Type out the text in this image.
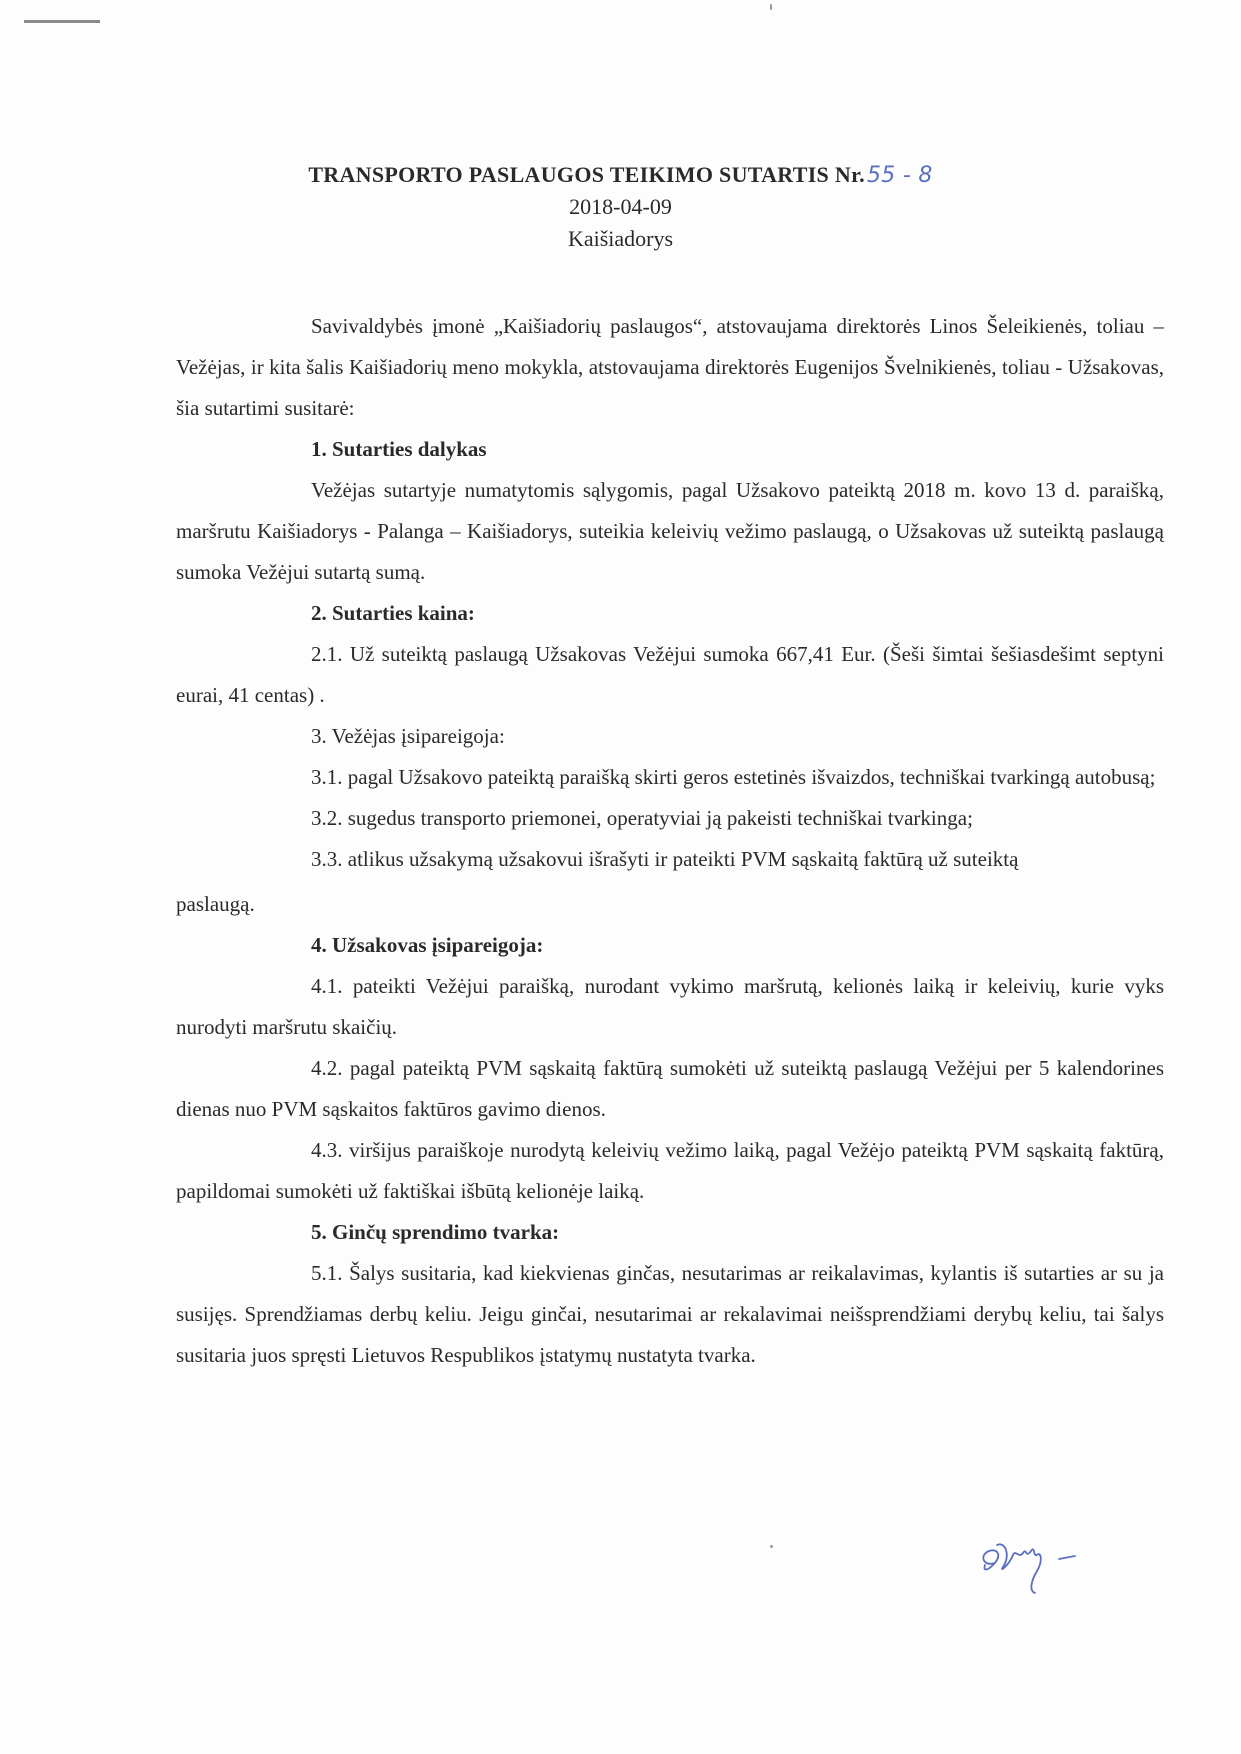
TRANSPORTO PASLAUGOS TEIKIMO SUTARTIS Nr.55 - 8
2018-04-09
Kaišiadorys

Savivaldybės įmonė „Kaišiadorių paslaugos“, atstovaujama direktorės Linos Šeleikienės, toliau – Vežėjas, ir kita šalis Kaišiadorių meno mokykla, atstovaujama direktorės Eugenijos Švelnikienės, toliau - Užsakovas, šia sutartimi susitarė:

1. Sutarties dalykas

Vežėjas sutartyje numatytomis sąlygomis, pagal Užsakovo pateiktą 2018 m. kovo 13 d. paraišką, maršrutu Kaišiadorys - Palanga – Kaišiadorys, suteikia keleivių vežimo paslaugą, o Užsakovas už suteiktą paslaugą sumoka Vežėjui sutartą sumą.

2. Sutarties kaina:

2.1. Už suteiktą paslaugą Užsakovas Vežėjui sumoka 667,41 Eur. (Šeši šimtai šešiasdešimt septyni eurai, 41 centas) .

3. Vežėjas įsipareigoja:

3.1. pagal Užsakovo pateiktą paraišką skirti geros estetinės išvaizdos, techniškai tvarkingą autobusą;

3.2. sugedus transporto priemonei, operatyviai ją pakeisti techniškai tvarkinga;

3.3. atlikus užsakymą užsakovui išrašyti ir pateikti PVM sąskaitą faktūrą už suteiktą

paslaugą.

4. Užsakovas įsipareigoja:

4.1. pateikti Vežėjui paraišką, nurodant vykimo maršrutą, kelionės laiką ir keleivių, kurie vyks nurodyti maršrutu skaičių.

4.2. pagal pateiktą PVM sąskaitą faktūrą sumokėti už suteiktą paslaugą Vežėjui per 5 kalendorines dienas nuo PVM sąskaitos faktūros gavimo dienos.

4.3. viršijus paraiškoje nurodytą keleivių vežimo laiką, pagal Vežėjo pateiktą PVM sąskaitą faktūrą, papildomai sumokėti už faktiškai išbūtą kelionėje laiką.

5. Ginčų sprendimo tvarka:

5.1. Šalys susitaria, kad kiekvienas ginčas, nesutarimas ar reikalavimas, kylantis iš sutarties ar su ja susijęs. Sprendžiamas derbų keliu. Jeigu ginčai, nesutarimai ar rekalavimai neišsprendžiami derybų keliu, tai šalys susitaria juos spręsti Lietuvos Respublikos įstatymų nustatyta tvarka.
